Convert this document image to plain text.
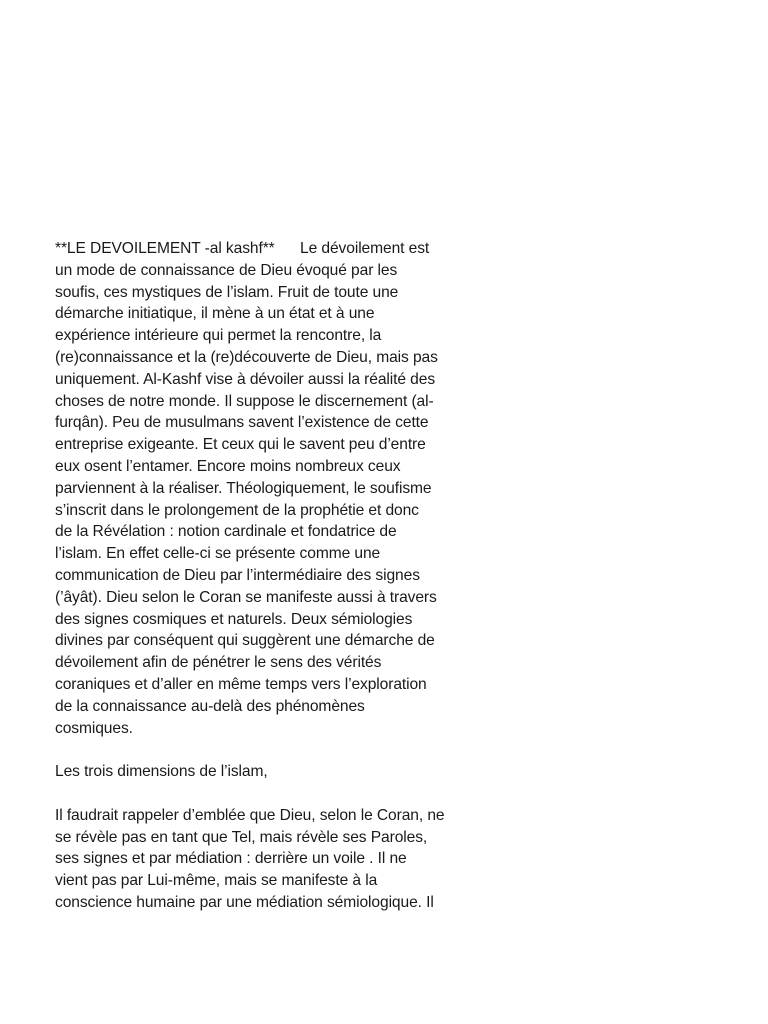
**LE DEVOILEMENT -al kashf**      Le dévoilement est
un mode de connaissance de Dieu évoqué par les
soufis, ces mystiques de l’islam. Fruit de toute une
démarche initiatique, il mène à un état et à une
expérience intérieure qui permet la rencontre, la
(re)connaissance et la (re)découverte de Dieu, mais pas
uniquement. Al-Kashf vise à dévoiler aussi la réalité des
choses de notre monde. Il suppose le discernement (al-
furqân). Peu de musulmans savent l’existence de cette
entreprise exigeante. Et ceux qui le savent peu d’entre
eux osent l’entamer. Encore moins nombreux ceux
parviennent à la réaliser. Théologiquement, le soufisme
s’inscrit dans le prolongement de la prophétie et donc
de la Révélation : notion cardinale et fondatrice de
l’islam. En effet celle-ci se présente comme une
communication de Dieu par l’intermédiaire des signes
(’âyât). Dieu selon le Coran se manifeste aussi à travers
des signes cosmiques et naturels. Deux sémiologies
divines par conséquent qui suggèrent une démarche de
dévoilement afin de pénétrer le sens des vérités
coraniques et d’aller en même temps vers l’exploration
de la connaissance au-delà des phénomènes
cosmiques.
Les trois dimensions de l’islam,
Il faudrait rappeler d’emblée que Dieu, selon le Coran, ne
se révèle pas en tant que Tel, mais révèle ses Paroles,
ses signes et par médiation : derrière un voile . Il ne
vient pas par Lui-même, mais se manifeste à la
conscience humaine par une médiation sémiologique. Il
